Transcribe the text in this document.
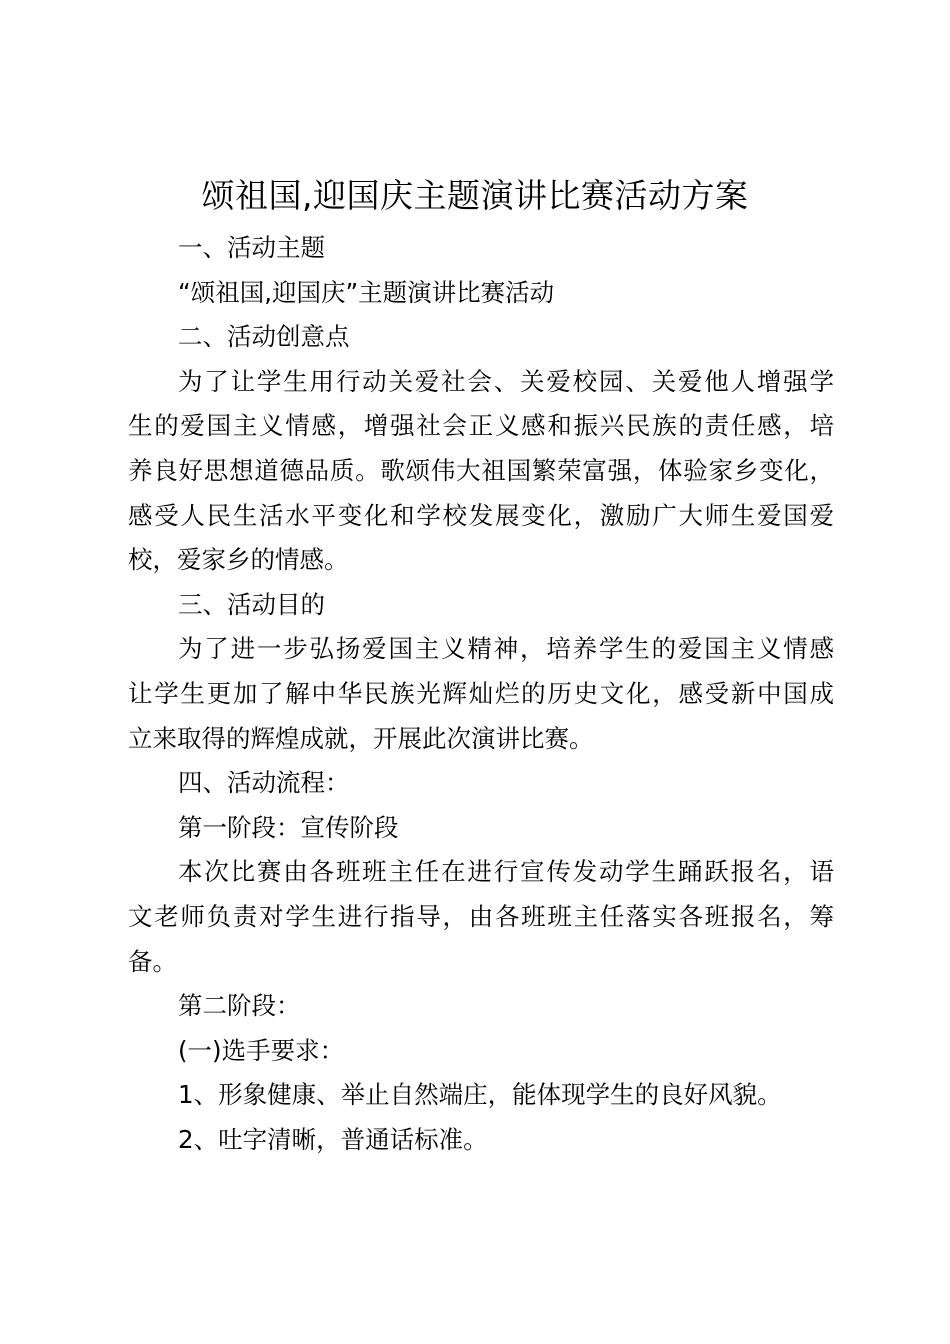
颂祖国,迎国庆主题演讲比赛活动方案
一、活动主题
“颂祖国,迎国庆”主题演讲比赛活动
二、活动创意点
为了让学生用行动关爱社会、关爱校园、关爱他人增强学
生的爱国主义情感，增强社会正义感和振兴民族的责任感，培
养良好思想道德品质。歌颂伟大祖国繁荣富强，体验家乡变化，
感受人民生活水平变化和学校发展变化，激励广大师生爱国爱
校，爱家乡的情感。
三、活动目的
为了进一步弘扬爱国主义精神，培养学生的爱国主义情感
让学生更加了解中华民族光辉灿烂的历史文化，感受新中国成
立来取得的辉煌成就，开展此次演讲比赛。
四、活动流程：
第一阶段：宣传阶段
本次比赛由各班班主任在进行宣传发动学生踊跃报名，语
文老师负责对学生进行指导，由各班班主任落实各班报名，筹
备。
第二阶段：
(一)选手要求：
1、形象健康、举止自然端庄，能体现学生的良好风貌。
2、吐字清晰，普通话标准。
